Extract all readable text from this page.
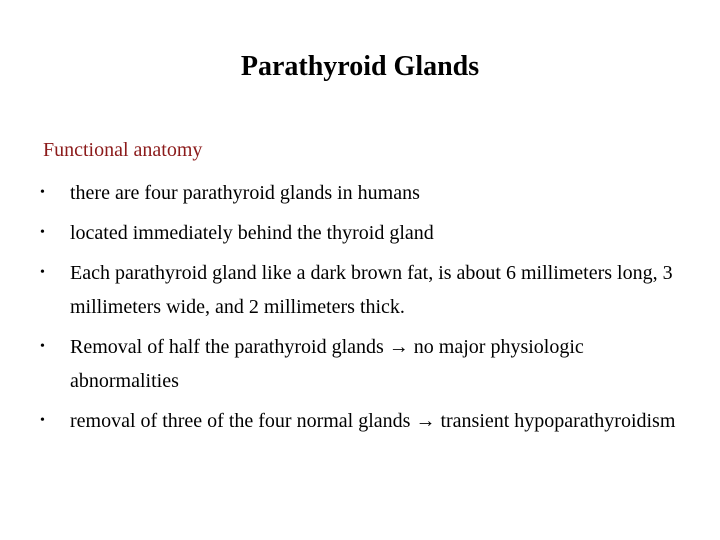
Parathyroid Glands
Functional anatomy
• there are four parathyroid glands in humans
• located immediately behind the thyroid gland
• Each parathyroid gland like a dark brown fat, is about 6 millimeters long, 3 millimeters wide, and 2 millimeters thick.
• Removal of half the parathyroid glands → no major physiologic abnormalities
• removal of three of the four normal glands → transient hypoparathyroidism
